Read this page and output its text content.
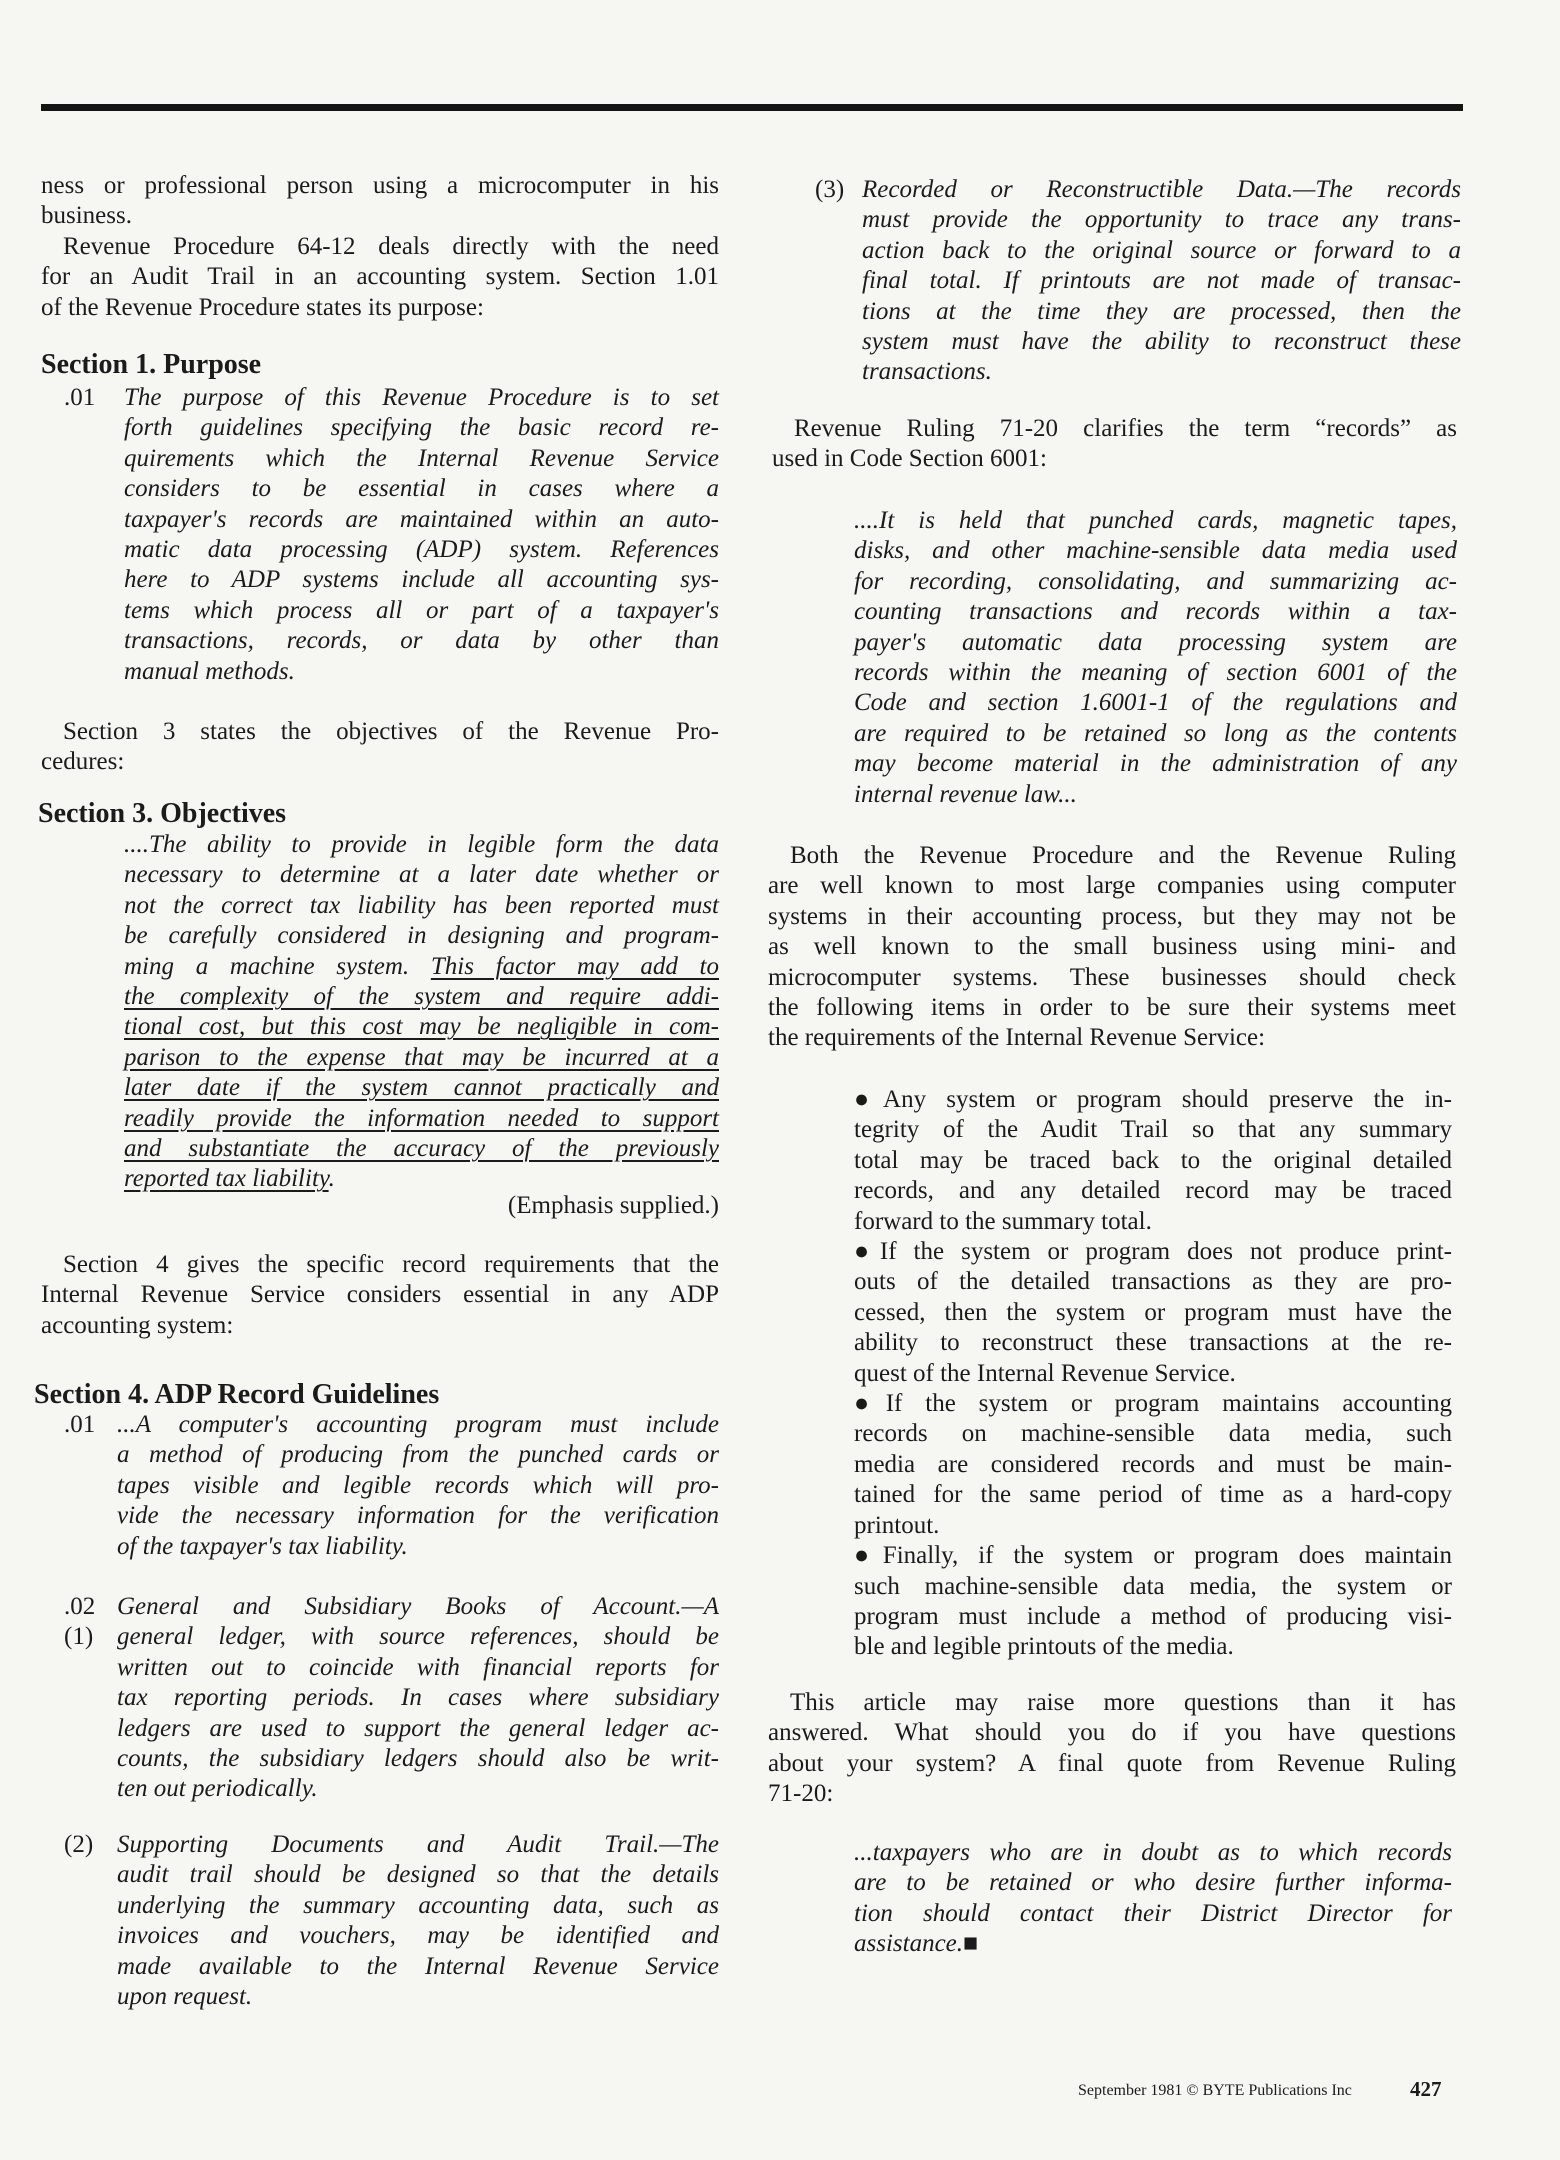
ness or professional person using a microcomputer in his
business.
Revenue Procedure 64-12 deals directly with the need
for an Audit Trail in an accounting system. Section 1.01
of the Revenue Procedure states its purpose:
Section 1. Purpose
.01 The purpose of this Revenue Procedure is to set
forth guidelines specifying the basic record re-
quirements which the Internal Revenue Service
considers to be essential in cases where a
taxpayer's records are maintained within an auto-
matic data processing (ADP) system. References
here to ADP systems include all accounting sys-
tems which process all or part of a taxpayer's
transactions, records, or data by other than
manual methods.
Section 3 states the objectives of the Revenue Pro-
cedures:
Section 3. Objectives
....The ability to provide in legible form the data
necessary to determine at a later date whether or
not the correct tax liability has been reported must
be carefully considered in designing and program-
ming a machine system. This factor may add to
the complexity of the system and require addi-
tional cost, but this cost may be negligible in com-
parison to the expense that may be incurred at a
later date if the system cannot practically and
readily provide the information needed to support
and substantiate the accuracy of the previously
reported tax liability.
(Emphasis supplied.)
Section 4 gives the specific record requirements that the
Internal Revenue Service considers essential in any ADP
accounting system:
Section 4. ADP Record Guidelines
.01 ...A computer's accounting program must include
a method of producing from the punched cards or
tapes visible and legible records which will pro-
vide the necessary information for the verification
of the taxpayer's tax liability.
.02
(1)
General and Subsidiary Books of Account.—A
general ledger, with source references, should be
written out to coincide with financial reports for
tax reporting periods. In cases where subsidiary
ledgers are used to support the general ledger ac-
counts, the subsidiary ledgers should also be writ-
ten out periodically.
(2) Supporting Documents and Audit Trail.—The
audit trail should be designed so that the details
underlying the summary accounting data, such as
invoices and vouchers, may be identified and
made available to the Internal Revenue Service
upon request.
(3) Recorded or Reconstructible Data.—The records
must provide the opportunity to trace any trans-
action back to the original source or forward to a
final total. If printouts are not made of transac-
tions at the time they are processed, then the
system must have the ability to reconstruct these
transactions.
Revenue Ruling 71-20 clarifies the term “records” as
used in Code Section 6001:
....It is held that punched cards, magnetic tapes,
disks, and other machine-sensible data media used
for recording, consolidating, and summarizing ac-
counting transactions and records within a tax-
payer's automatic data processing system are
records within the meaning of section 6001 of the
Code and section 1.6001-1 of the regulations and
are required to be retained so long as the contents
may become material in the administration of any
internal revenue law...
Both the Revenue Procedure and the Revenue Ruling
are well known to most large companies using computer
systems in their accounting process, but they may not be
as well known to the small business using mini- and
microcomputer systems. These businesses should check
the following items in order to be sure their systems meet
the requirements of the Internal Revenue Service:
●Any system or program should preserve the in-
tegrity of the Audit Trail so that any summary
total may be traced back to the original detailed
records, and any detailed record may be traced
forward to the summary total.
●If the system or program does not produce print-
outs of the detailed transactions as they are pro-
cessed, then the system or program must have the
ability to reconstruct these transactions at the re-
quest of the Internal Revenue Service.
●If the system or program maintains accounting
records on machine-sensible data media, such
media are considered records and must be main-
tained for the same period of time as a hard-copy
printout.
●Finally, if the system or program does maintain
such machine-sensible data media, the system or
program must include a method of producing visi-
ble and legible printouts of the media.
This article may raise more questions than it has
answered. What should you do if you have questions
about your system? A final quote from Revenue Ruling
71-20:
...taxpayers who are in doubt as to which records
are to be retained or who desire further informa-
tion should contact their District Director for
assistance.■
September 1981 © BYTE Publications Inc	427
